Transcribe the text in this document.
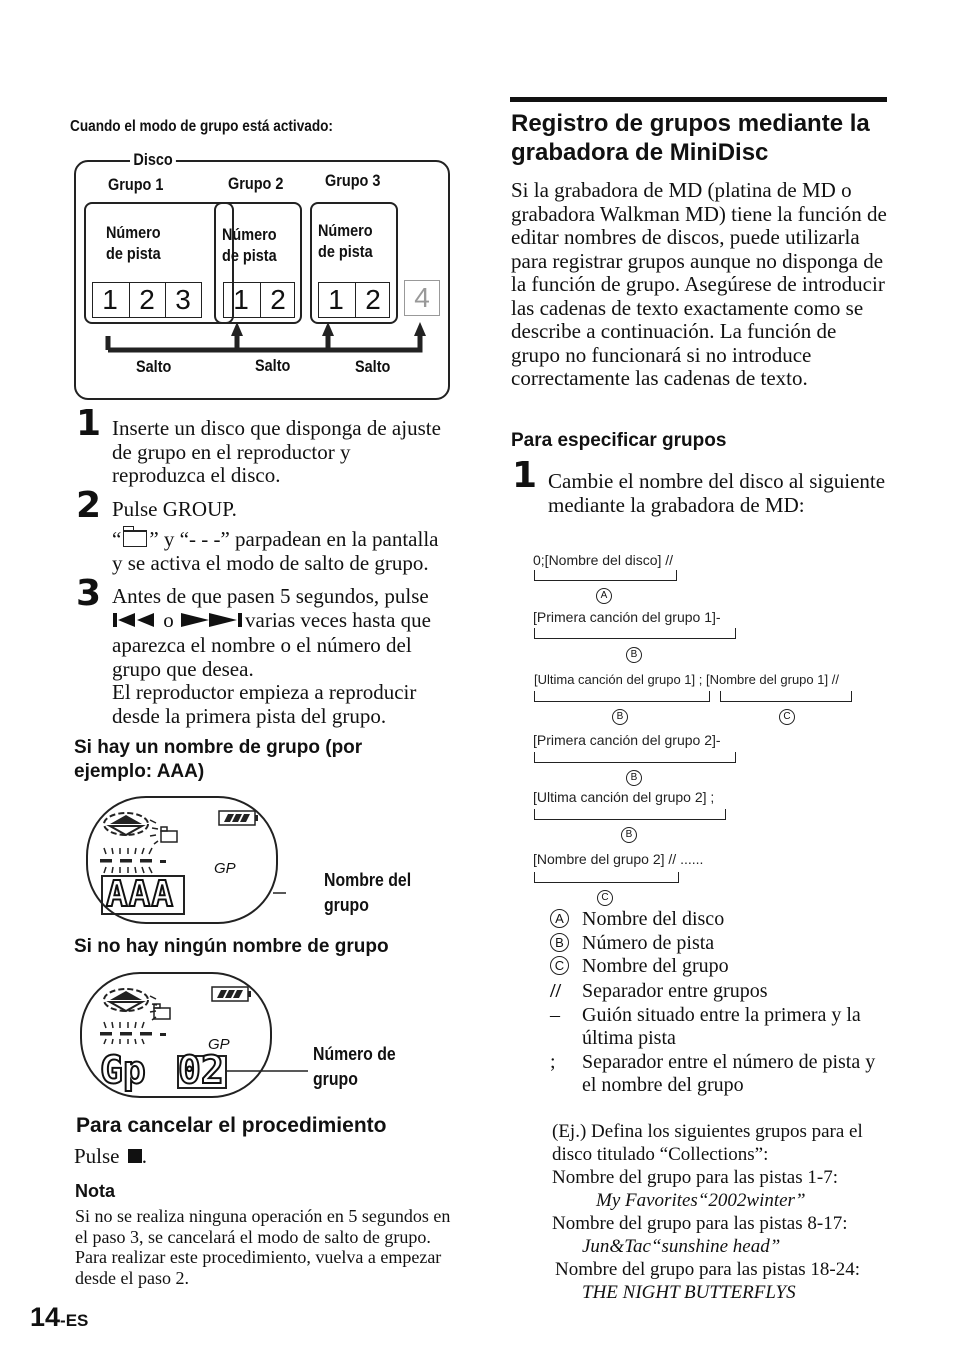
Cuando el modo de grupo está activado:
Disco
Grupo 1	Grupo 2 Grupo 3
Número
de pista
1 2 3
Número
de pista
1 2
Número
de pista
1 2	4
Salto	Salto	Salto
1 Inserte un disco que disponga de ajuste de grupo en el reproductor y reproduzca el disco.
2 Pulse GROUP.
“ ” y “- - -” parpadean en la pantalla y se activa el modo de salto de grupo.
3 Antes de que pasen 5 segundos, pulse
o	varias veces hasta que aparezca el nombre o el número del grupo que desea.
El reproductor empieza a reproducir desde la primera pista del grupo.
Si hay un nombre de grupo (por ejemplo: AAA)
GP
AAA	Nombre del
grupo
Si no hay ningún nombre de grupo
GP
Gp 02	Número de
grupo
Para cancelar el procedimiento
Pulse .
Nota
Si no se realiza ninguna operación en 5 segundos en el paso 3, se cancelará el modo de salto de grupo. Para realizar este procedimiento, vuelva a empezar desde el paso 2.
14-ES
Registro de grupos mediante la grabadora de MiniDisc
Si la grabadora de MD (platina de MD o grabadora Walkman MD) tiene la función de editar nombres de discos, puede utilizarla para registrar grupos aunque no disponga de la función de grupo. Asegúrese de introducir las cadenas de texto exactamente como se describe a continuación. La función de grupo no funcionará si no introduce correctamente las cadenas de texto.
Para especificar grupos
1 Cambie el nombre del disco al siguiente mediante la grabadora de MD:
0;[Nombre del disco] //
A
[Primera canción del grupo 1]-
B
[Ultima canción del grupo 1] ; [Nombre del grupo 1] //
B	C
[Primera canción del grupo 2]-
B
[Ultima canción del grupo 2] ;
B
[Nombre del grupo 2] // ......
C
A Nombre del disco
B Número de pista
C Nombre del grupo
// Separador entre grupos
– Guión situado entre la primera y la última pista
; Separador entre el número de pista y el nombre del grupo
(Ej.) Defina los siguientes grupos para el disco titulado “Collections”:
Nombre del grupo para las pistas 1-7:
My Favorites“2002winter”
Nombre del grupo para las pistas 8-17:
Jun&Tac“sunshine head”
Nombre del grupo para las pistas 18-24:
THE NIGHT BUTTERFLYS
